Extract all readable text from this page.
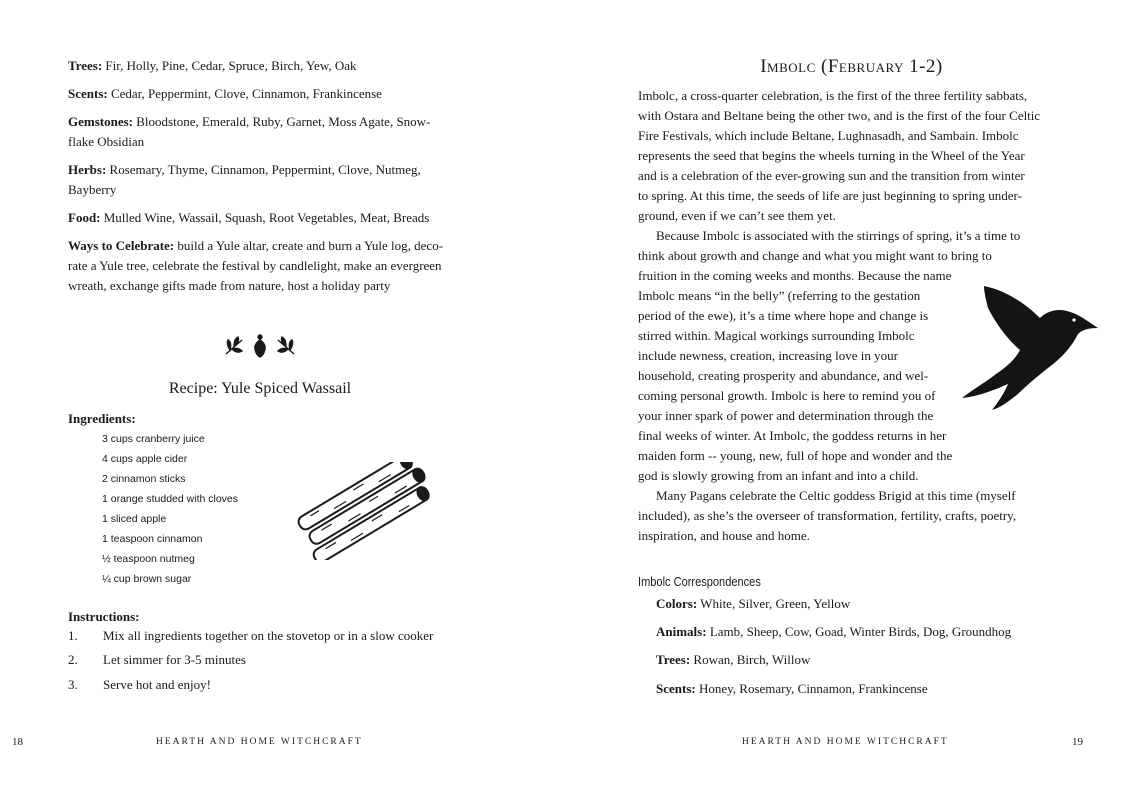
Trees: Fir, Holly, Pine, Cedar, Spruce, Birch, Yew, Oak
Scents: Cedar, Peppermint, Clove, Cinnamon, Frankincense
Gemstones: Bloodstone, Emerald, Ruby, Garnet, Moss Agate, Snow-
flake Obsidian
Herbs: Rosemary, Thyme, Cinnamon, Peppermint, Clove, Nutmeg,
Bayberry
Food: Mulled Wine, Wassail, Squash, Root Vegetables, Meat, Breads
Ways to Celebrate: build a Yule altar, create and burn a Yule log, deco-
rate a Yule tree, celebrate the festival by candlelight, make an evergreen
wreath, exchange gifts made from nature, host a holiday party
Recipe: Yule Spiced Wassail
Ingredients:
3 cups cranberry juice
4 cups apple cider
2 cinnamon sticks
1 orange studded with cloves
1 sliced apple
1 teaspoon cinnamon
½ teaspoon nutmeg
¼ cup brown sugar
Instructions:
1. Mix all ingredients together on the stovetop or in a slow cooker
2. Let simmer for 3-5 minutes
3. Serve hot and enjoy!
18	HEARTH AND HOME WITCHCRAFT
Imbolc (February 1-2)
Imbolc, a cross-quarter celebration, is the first of the three fertility sabbats,
with Ostara and Beltane being the other two, and is the first of the four Celtic
Fire Festivals, which include Beltane, Lughnasadh, and Sambain. Imbolc
represents the seed that begins the wheels turning in the Wheel of the Year
and is a celebration of the ever-growing sun and the transition from winter
to spring. At this time, the seeds of life are just beginning to spring under-
ground, even if we can’t see them yet.
Because Imbolc is associated with the stirrings of spring, it’s a time to
think about growth and change and what you might want to bring to
fruition in the coming weeks and months. Because the name
Imbolc means “in the belly” (referring to the gestation
period of the ewe), it’s a time where hope and change is
stirred within. Magical workings surrounding Imbolc
include newness, creation, increasing love in your
household, creating prosperity and abundance, and wel-
coming personal growth. Imbolc is here to remind you of
your inner spark of power and determination through the
final weeks of winter. At Imbolc, the goddess returns in her
maiden form -- young, new, full of hope and wonder and the
god is slowly growing from an infant and into a child.
Many Pagans celebrate the Celtic goddess Brigid at this time (myself
included), as she’s the overseer of transformation, fertility, crafts, poetry,
inspiration, and house and home.
Imbolc Correspondences
Colors: White, Silver, Green, Yellow
Animals: Lamb, Sheep, Cow, Goad, Winter Birds, Dog, Groundhog
Trees: Rowan, Birch, Willow
Scents: Honey, Rosemary, Cinnamon, Frankincense
HEARTH AND HOME WITCHCRAFT	19
